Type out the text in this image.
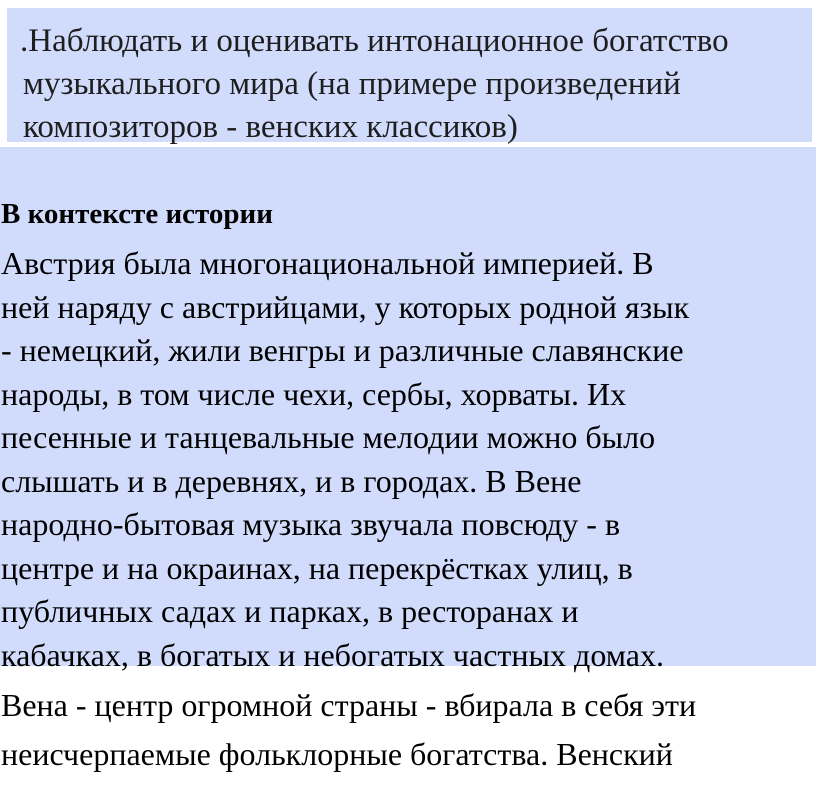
.Наблюдать и оценивать интонационное богатство
музыкального мира (на примере произведений
композиторов - венских классиков)
В контексте истории
Австрия была многонациональной империей. В
ней наряду с австрийцами, у которых родной язык
- немецкий, жили венгры и различные славянские
народы, в том числе чехи, сербы, хорваты. Их
песенные и танцевальные мелодии можно было
слышать и в деревнях, и в городах. В Вене
народно-бытовая музыка звучала повсюду - в
центре и на окраинах, на перекрёстках улиц, в
публичных садах и парках, в ресторанах и
кабачках, в богатых и небогатых частных домах.
Вена - центр огромной страны - вбирала в себя эти
неисчерпаемые фольклорные богатства. Венский
